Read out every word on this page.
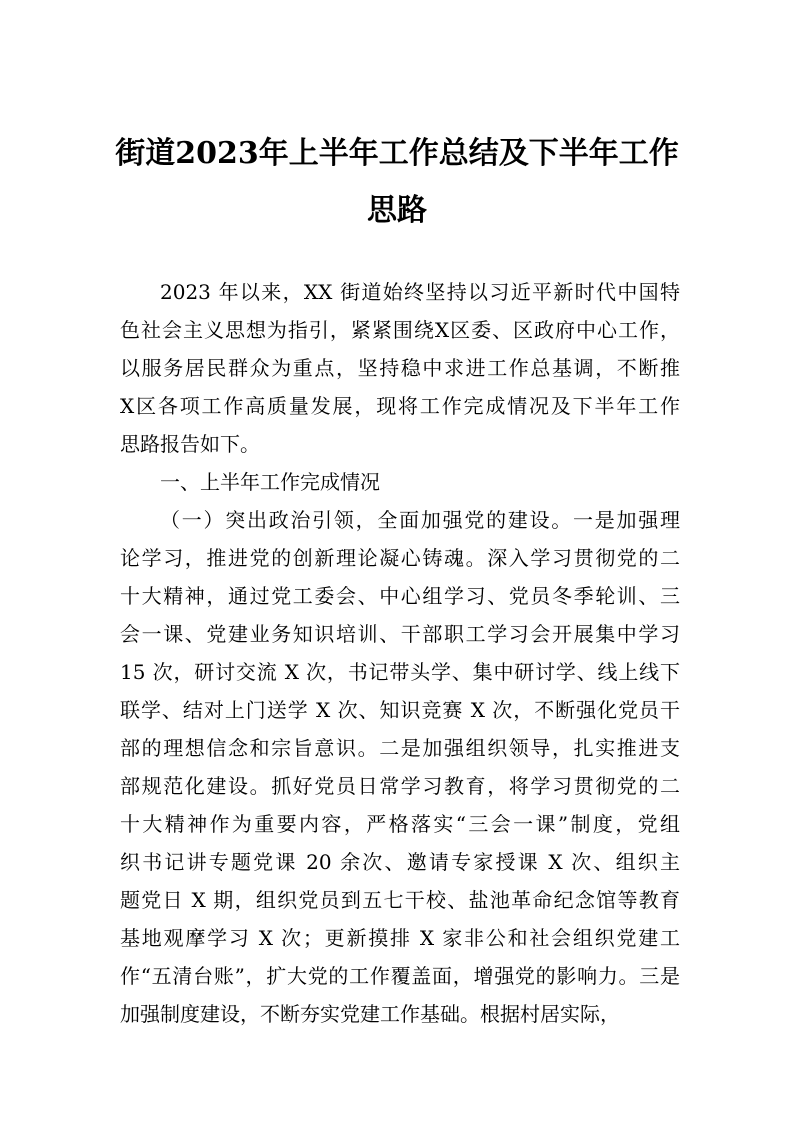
街道2023年上半年工作总结及下半年工作
思路
2023 年以来，XX 街道始终坚持以习近平新时代中国特
色社会主义思想为指引，紧紧围绕X区委、区政府中心工作，
以服务居民群众为重点，坚持稳中求进工作总基调，不断推
X区各项工作高质量发展，现将工作完成情况及下半年工作
思路报告如下。
一、上半年工作完成情况
（一）突出政治引领，全面加强党的建设。一是加强理
论学习，推进党的创新理论凝心铸魂。深入学习贯彻党的二
十大精神，通过党工委会、中心组学习、党员冬季轮训、三
会一课、党建业务知识培训、干部职工学习会开展集中学习
15 次，研讨交流 X 次，书记带头学、集中研讨学、线上线下
联学、结对上门送学 X 次、知识竞赛 X 次，不断强化党员干
部的理想信念和宗旨意识。二是加强组织领导，扎实推进支
部规范化建设。抓好党员日常学习教育，将学习贯彻党的二
十大精神作为重要内容，严格落实“三会一课”制度，党组
织书记讲专题党课 20 余次、邀请专家授课 X 次、组织主
题党日 X 期，组织党员到五七干校、盐池革命纪念馆等教育
基地观摩学习 X 次；更新摸排 X 家非公和社会组织党建工
作“五清台账”，扩大党的工作覆盖面，增强党的影响力。三是
加强制度建设，不断夯实党建工作基础。根据村居实际，
